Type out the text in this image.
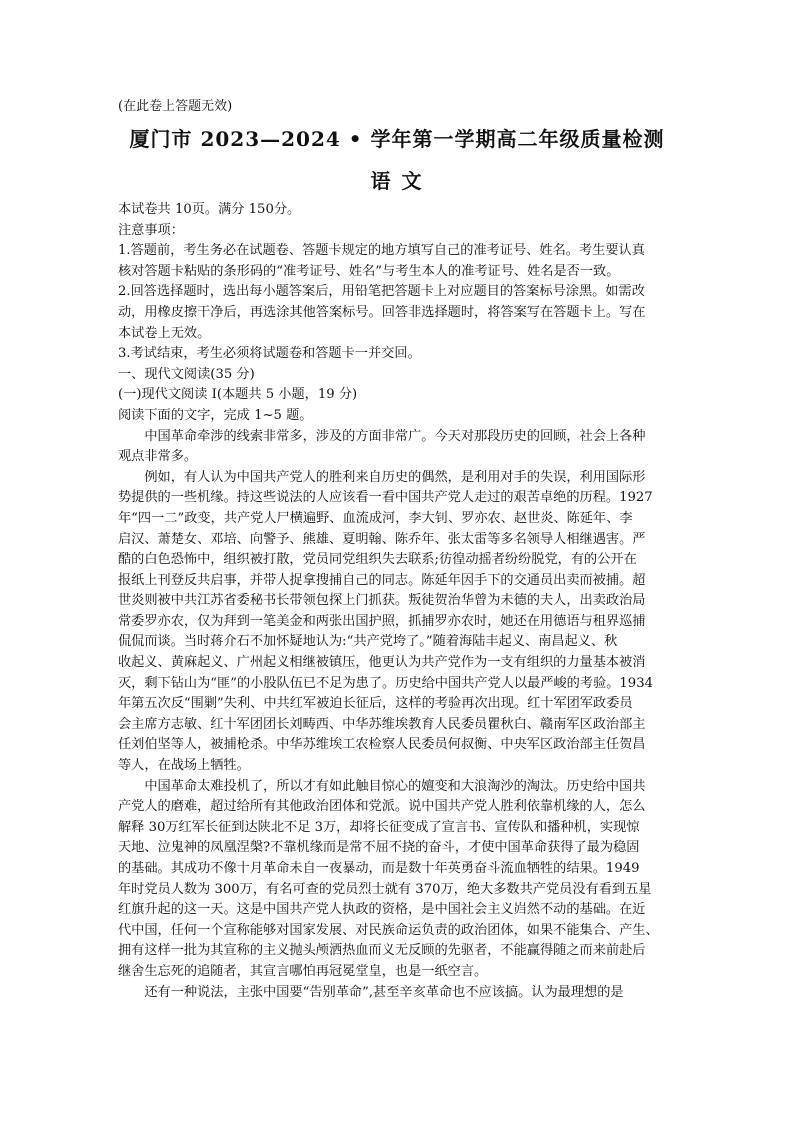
(在此卷上答题无效)
厦门市 2023—2024 • 学年第一学期高二年级质量检测
语 文
本试卷共 10页。满分 150分。
注意事项：
1.答题前，考生务必在试题卷、答题卡规定的地方填写自己的准考证号、姓名。考生要认真
核对答题卡粘贴的条形码的“准考证号、姓名”与考生本人的准考证号、姓名是否一致。
2.回答选择题时，选出每小题答案后，用铅笔把答题卡上对应题目的答案标号涂黑。如需改
动，用橡皮擦干净后，再选涂其他答案标号。回答非选择题时，将答案写在答题卡上。写在
本试卷上无效。
3.考试结束，考生必须将试题卷和答题卡一并交回。
一、现代文阅读(35 分)
(一)现代文阅读 I(本题共 5 小题，19 分)
阅读下面的文字，完成 1~5 题。
　　中国革命牵涉的线索非常多，涉及的方面非常广。今天对那段历史的回顾，社会上各种
观点非常多。
　　例如，有人认为中国共产党人的胜利来自历史的偶然，是利用对手的失误，利用国际形
势提供的一些机缘。持这些说法的人应该看一看中国共产党人走过的艰苦卓绝的历程。1927
年“四一二”政变，共产党人尸横遍野、血流成河，李大钊、罗亦农、赵世炎、陈延年、李
启汉、萧楚女、邓培、向警予、熊雄、夏明翰、陈乔年、张太雷等多名领导人相继遇害。严
酷的白色恐怖中，组织被打散，党员同党组织失去联系;彷徨动摇者纷纷脱党，有的公开在
报纸上刊登反共启事，并带人捉拿搜捕自己的同志。陈延年因手下的交通员出卖而被捕。超
世炎则被中共江苏省委秘书长带领包探上门抓获。叛徒贺治华曾为未德的夫人，出卖政治局
常委罗亦农，仅为拜到一笔美金和两张出国护照，抓捕罗亦农时，她还在用德语与租界巡捕
侃侃而谈。当时蒋介石不加怀疑地认为:“共产党垮了。”随着海陆丰起义、南昌起义、秋
收起义、黄麻起义、广州起义相继被镇压，他更认为共产党作为一支有组织的力量基本被消
灭，剩下钻山为“匪”的小股队伍已不足为患了。历史给中国共产党人以最严峻的考验。1934
年第五次反“围剿”失利、中共红军被迫长征后，这样的考验再次出现。红十军团军政委员
会主席方志敏、红十军团团长刘畴西、中华苏维埃教育人民委员瞿秋白、赣南军区政治部主
任刘伯坚等人，被捕枪杀。中华苏维埃工农检察人民委员何叔衡、中央军区政治部主任贺昌
等人，在战场上牺牲。
　　中国革命太难投机了，所以才有如此触目惊心的嬗变和大浪淘沙的淘汰。历史给中国共
产党人的磨难，超过给所有其他政治团体和党派。说中国共产党人胜利依靠机缘的人，怎么
解释 30万红军长征到达陕北不足 3万，却将长征变成了宣言书、宣传队和播种机，实现惊
天地、泣鬼神的凤凰涅槃?不靠机缘而是常不屈不挠的奋斗，才使中国革命获得了最为稳固
的基础。其成功不像十月革命未自一夜暴动，而是数十年英勇奋斗流血牺牲的结果。1949
年时党员人数为 300万，有名可查的党员烈士就有 370万，绝大多数共产党员没有看到五星
红旗升起的这一天。这是中国共产党人执政的资格，是中国社会主义岿然不动的基础。在近
代中国，任何一个宣称能够对国家发展、对民族命运负责的政治团体，如果不能集合、产生、
拥有这样一批为其宣称的主义抛头颅洒热血而义无反顾的先驱者，不能赢得随之而来前赴后
继舍生忘死的追随者，其宣言哪怕再冠冕堂皇，也是一纸空言。
　　还有一种说法，主张中国要“告别革命”,甚至辛亥革命也不应该搞。认为最理想的是
